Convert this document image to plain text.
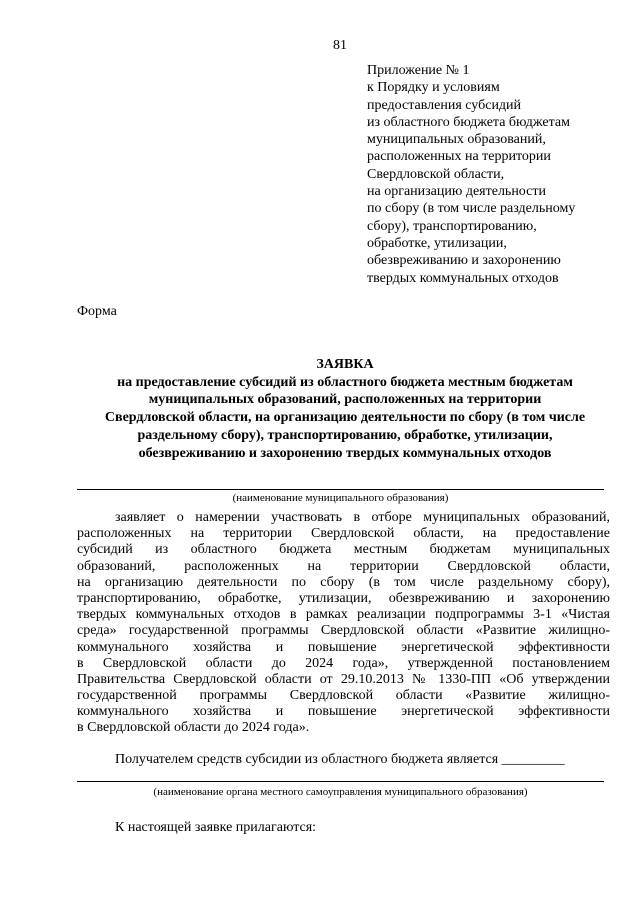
81
Приложение № 1
к Порядку и условиям
предоставления субсидий
из областного бюджета бюджетам
муниципальных образований,
расположенных на территории
Свердловской области,
на организацию деятельности
по сбору (в том числе раздельному
сбору), транспортированию,
обработке, утилизации,
обезвреживанию и захоронению
твердых коммунальных отходов
Форма
ЗАЯВКА
на предоставление субсидий из областного бюджета местным бюджетам
муниципальных образований, расположенных на территории
Свердловской области, на организацию деятельности по сбору (в том числе
раздельному сбору), транспортированию, обработке, утилизации,
обезвреживанию и захоронению твердых коммунальных отходов
(наименование муниципального образования)
заявляет о намерении участвовать в отборе муниципальных образований,
расположенных на территории Свердловской области, на предоставление
субсидий из областного бюджета местным бюджетам муниципальных
образований, расположенных на территории Свердловской области,
на организацию деятельности по сбору (в том числе раздельному сбору),
транспортированию, обработке, утилизации, обезвреживанию и захоронению
твердых коммунальных отходов в рамках реализации подпрограммы 3-1 «Чистая
среда» государственной программы Свердловской области «Развитие жилищно-
коммунального хозяйства и повышение энергетической эффективности
в Свердловской области до 2024 года», утвержденной постановлением
Правительства Свердловской области от 29.10.2013 № 1330-ПП «Об утверждении
государственной программы Свердловской области «Развитие жилищно-
коммунального хозяйства и повышение энергетической эффективности
в Свердловской области до 2024 года».
Получателем средств субсидии из областного бюджета является _________
(наименование органа местного самоуправления муниципального образования)
К настоящей заявке прилагаются:
